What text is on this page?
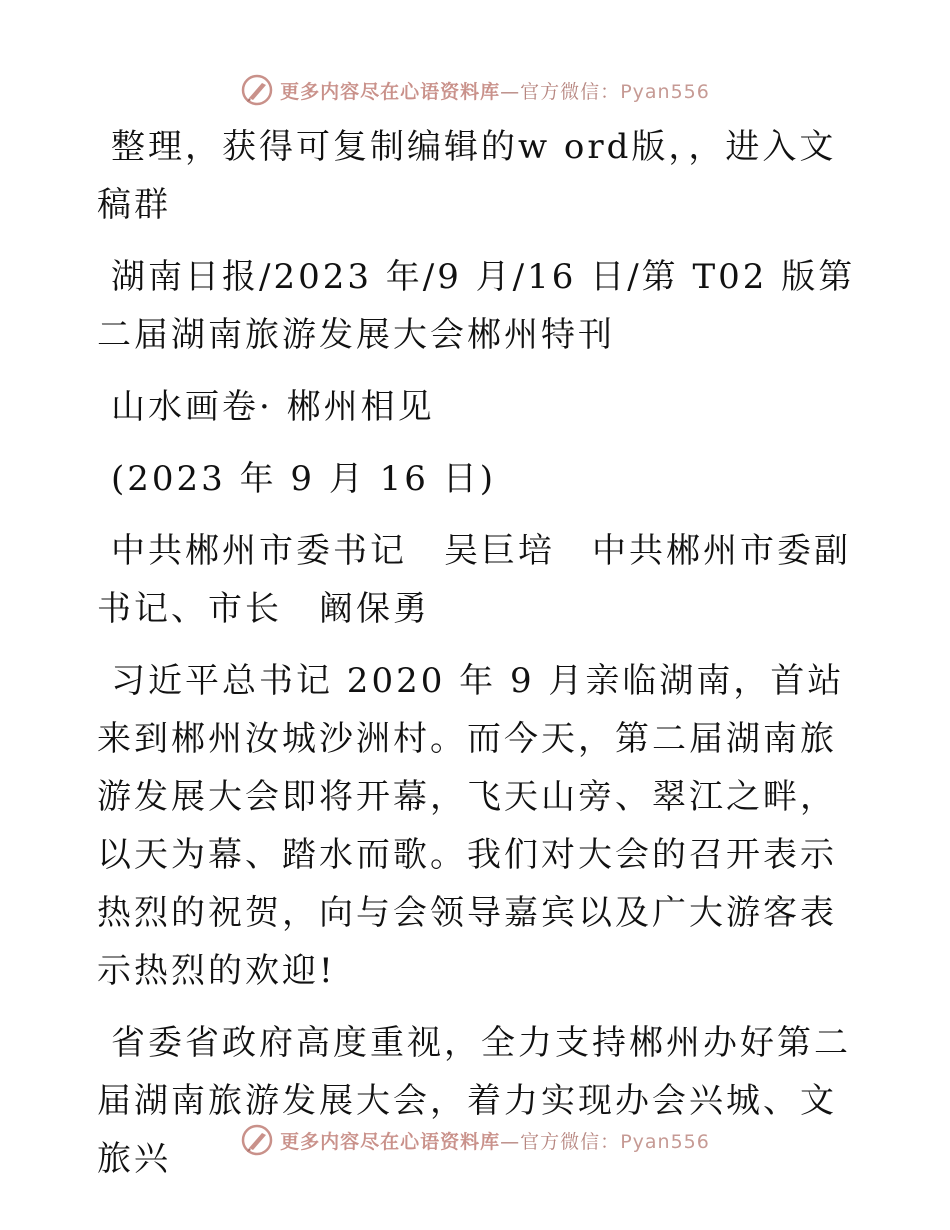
更多内容尽在心语资料库—官方微信：Pyan556

整理，获得可复制编辑的w ord版，，进入文稿群

湖南日报/2023 年/9 月/16 日/第 T02 版第二届湖南旅游发展大会郴州特刊

山水画卷· 郴州相见

(2023 年 9 月 16 日)

中共郴州市委书记　吴巨培　中共郴州市委副书记、市长　阚保勇

习近平总书记 2020 年 9 月亲临湖南，首站来到郴州汝城沙洲村。而今天，第二届湖南旅游发展大会即将开幕，飞天山旁、翠江之畔，以天为幕、踏水而歌。我们对大会的召开表示热烈的祝贺，向与会领导嘉宾以及广大游客表示热烈的欢迎!

省委省政府高度重视，全力支持郴州办好第二届湖南旅游发展大会，着力实现办会兴城、文旅兴	更多内容尽在心语资料库—官方微信：Pyan556
